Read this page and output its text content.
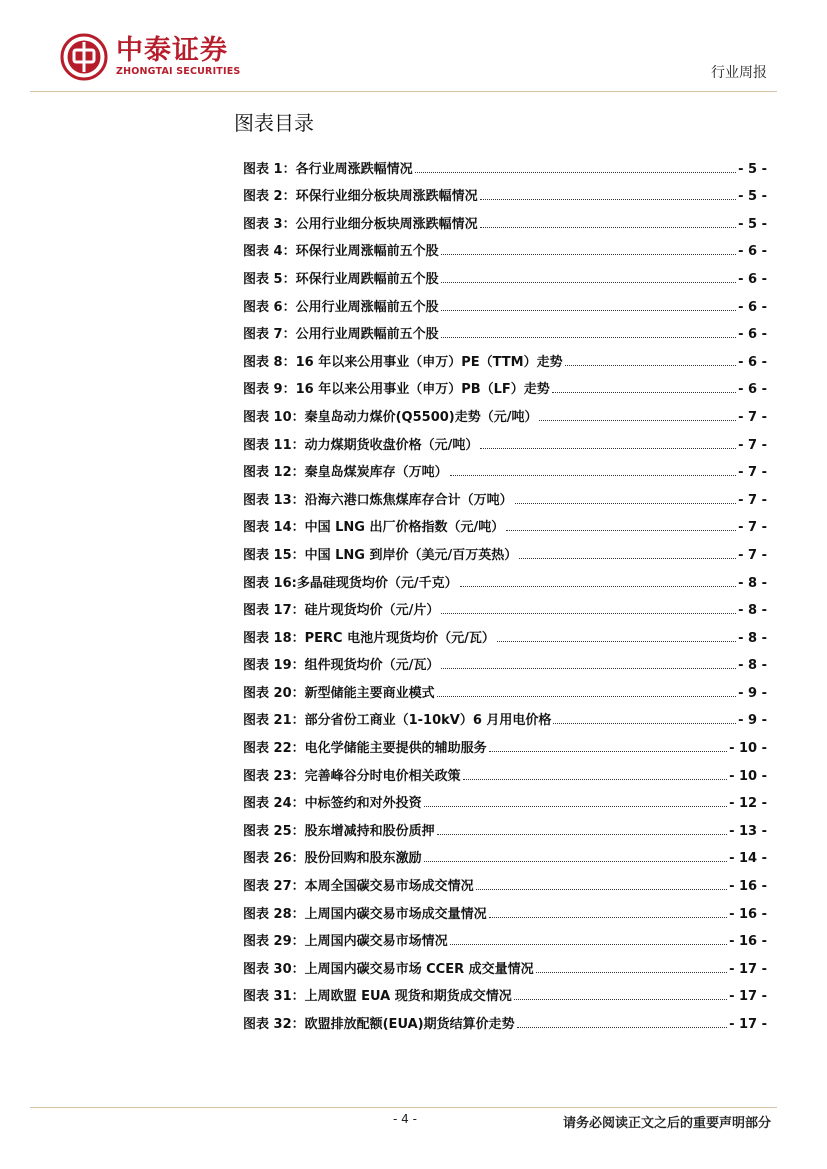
中泰证券
ZHONGTAI SECURITIES	行业周报
图表目录
图表 1：各行业周涨跌幅情况	- 5 -
图表 2：环保行业细分板块周涨跌幅情况	- 5 -
图表 3：公用行业细分板块周涨跌幅情况	- 5 -
图表 4：环保行业周涨幅前五个股	- 6 -
图表 5：环保行业周跌幅前五个股	- 6 -
图表 6：公用行业周涨幅前五个股	- 6 -
图表 7：公用行业周跌幅前五个股	- 6 -
图表 8：16 年以来公用事业（申万）PE（TTM）走势	- 6 -
图表 9：16 年以来公用事业（申万）PB（LF）走势	- 6 -
图表 10：秦皇岛动力煤价(Q5500)走势（元/吨）	- 7 -
图表 11：动力煤期货收盘价格（元/吨）	- 7 -
图表 12：秦皇岛煤炭库存（万吨）	- 7 -
图表 13：沿海六港口炼焦煤库存合计（万吨）	- 7 -
图表 14：中国 LNG 出厂价格指数（元/吨）	- 7 -
图表 15：中国 LNG 到岸价（美元/百万英热）	- 7 -
图表 16:多晶硅现货均价（元/千克）	- 8 -
图表 17：硅片现货均价（元/片）	- 8 -
图表 18：PERC 电池片现货均价（元/瓦）	- 8 -
图表 19：组件现货均价（元/瓦）	- 8 -
图表 20：新型储能主要商业模式	- 9 -
图表 21：部分省份工商业（1-10kV）6 月用电价格	- 9 -
图表 22：电化学储能主要提供的辅助服务	- 10 -
图表 23：完善峰谷分时电价相关政策	- 10 -
图表 24：中标签约和对外投资	- 12 -
图表 25：股东增减持和股份质押	- 13 -
图表 26：股份回购和股东激励	- 14 -
图表 27：本周全国碳交易市场成交情况	- 16 -
图表 28：上周国内碳交易市场成交量情况	- 16 -
图表 29：上周国内碳交易市场情况	- 16 -
图表 30：上周国内碳交易市场 CCER 成交量情况	- 17 -
图表 31：上周欧盟 EUA 现货和期货成交情况	- 17 -
图表 32：欧盟排放配额(EUA)期货结算价走势	- 17 -
- 4 -	请务必阅读正文之后的重要声明部分
